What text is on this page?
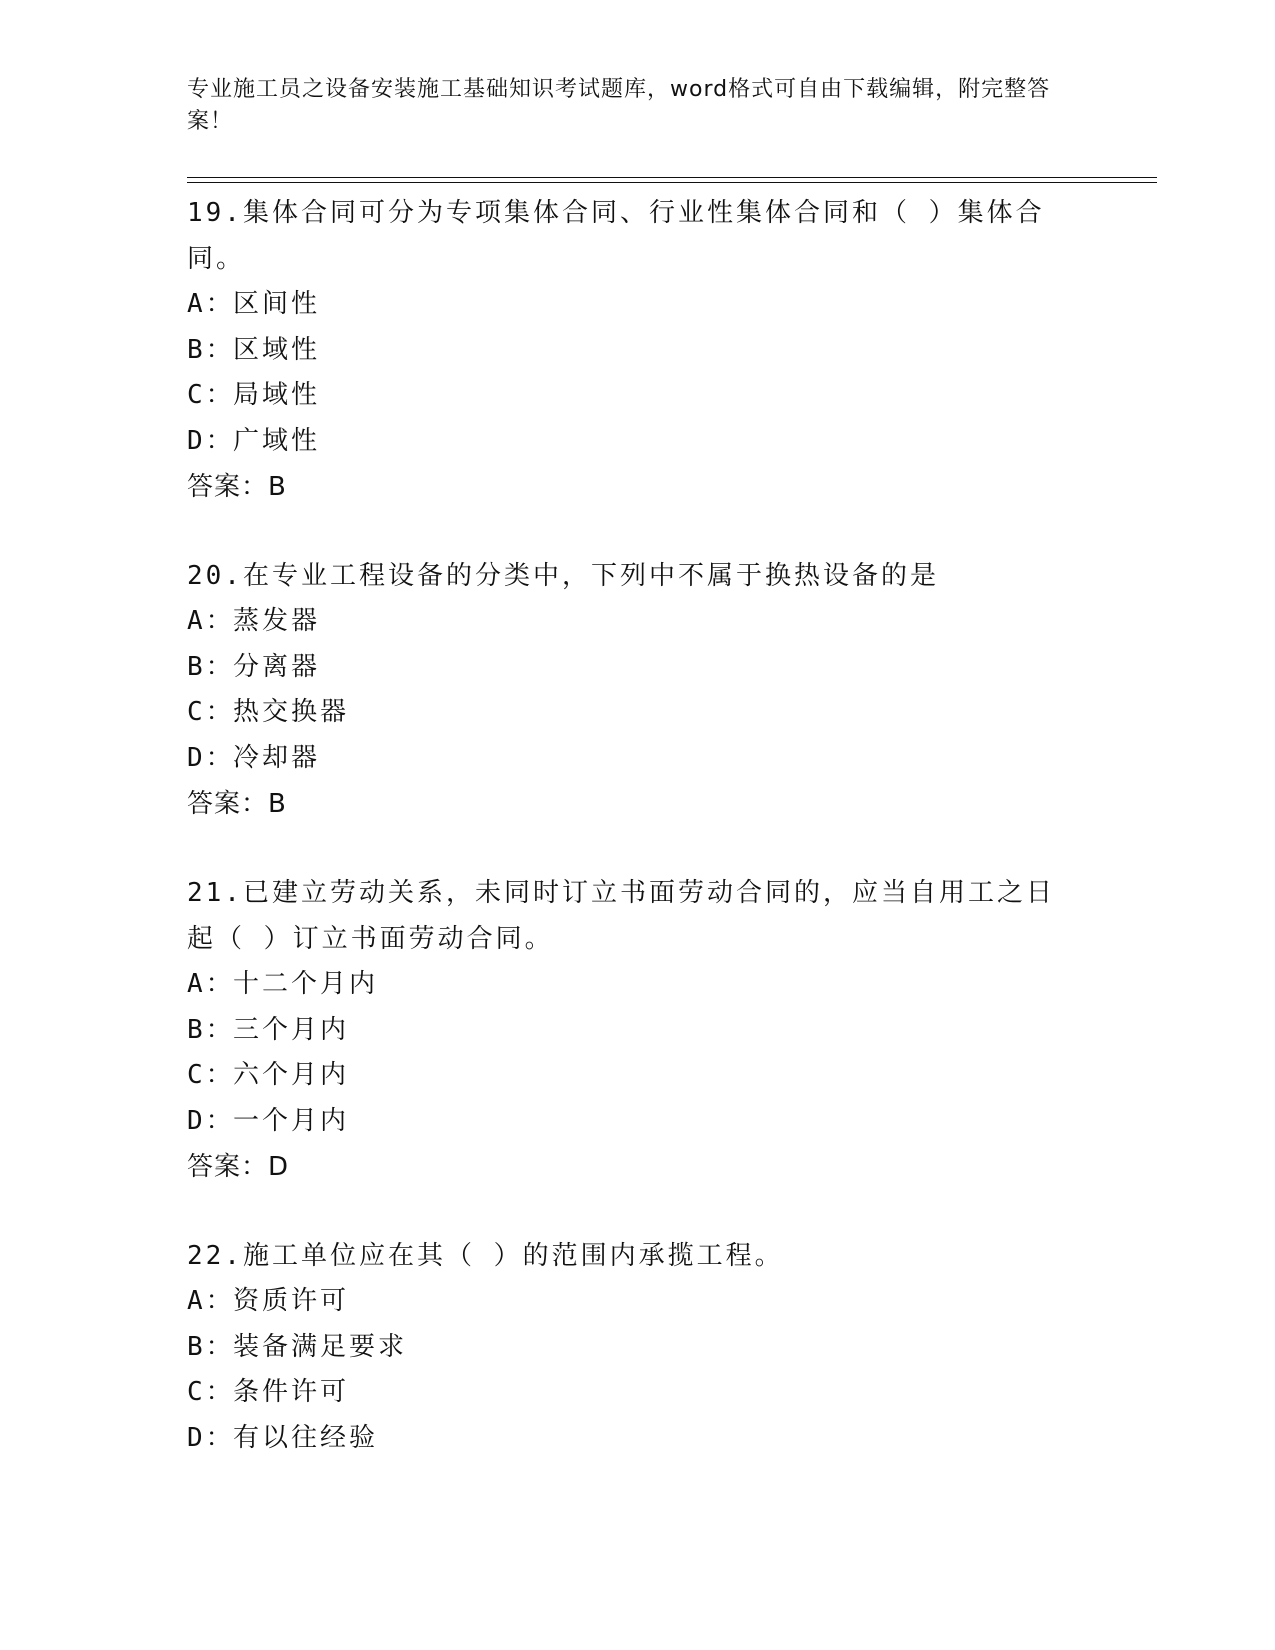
专业施工员之设备安装施工基础知识考试题库，word格式可自由下载编辑，附完整答案！
19.集体合同可分为专项集体合同、行业性集体合同和（ ）集体合同。
A：区间性
B：区域性
C：局域性
D：广域性
答案：B
20.在专业工程设备的分类中，下列中不属于换热设备的是
A：蒸发器
B：分离器
C：热交换器
D：冷却器
答案：B
21.已建立劳动关系，未同时订立书面劳动合同的，应当自用工之日起（ ）订立书面劳动合同。
A：十二个月内
B：三个月内
C：六个月内
D：一个月内
答案：D
22.施工单位应在其（ ）的范围内承揽工程。
A：资质许可
B：装备满足要求
C：条件许可
D：有以往经验
